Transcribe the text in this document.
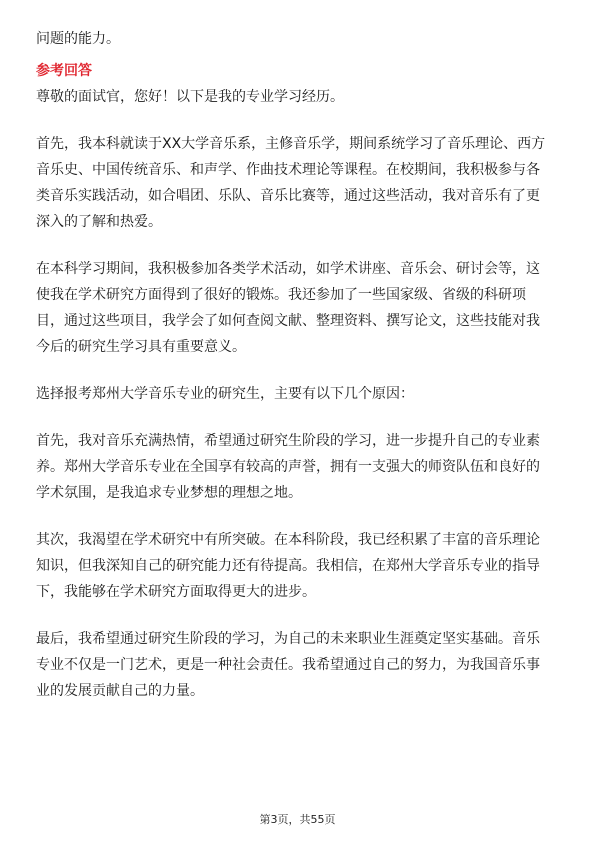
问题的能力。
参考回答
尊敬的面试官，您好！以下是我的专业学习经历。
首先，我本科就读于XX大学音乐系，主修音乐学，期间系统学习了音乐理论、西方
音乐史、中国传统音乐、和声学、作曲技术理论等课程。在校期间，我积极参与各
类音乐实践活动，如合唱团、乐队、音乐比赛等，通过这些活动，我对音乐有了更
深入的了解和热爱。
在本科学习期间，我积极参加各类学术活动，如学术讲座、音乐会、研讨会等，这
使我在学术研究方面得到了很好的锻炼。我还参加了一些国家级、省级的科研项
目，通过这些项目，我学会了如何查阅文献、整理资料、撰写论文，这些技能对我
今后的研究生学习具有重要意义。
选择报考郑州大学音乐专业的研究生，主要有以下几个原因：
首先，我对音乐充满热情，希望通过研究生阶段的学习，进一步提升自己的专业素
养。郑州大学音乐专业在全国享有较高的声誉，拥有一支强大的师资队伍和良好的
学术氛围，是我追求专业梦想的理想之地。
其次，我渴望在学术研究中有所突破。在本科阶段，我已经积累了丰富的音乐理论
知识，但我深知自己的研究能力还有待提高。我相信，在郑州大学音乐专业的指导
下，我能够在学术研究方面取得更大的进步。
最后，我希望通过研究生阶段的学习，为自己的未来职业生涯奠定坚实基础。音乐
专业不仅是一门艺术，更是一种社会责任。我希望通过自己的努力，为我国音乐事
业的发展贡献自己的力量。
第3页，共55页
